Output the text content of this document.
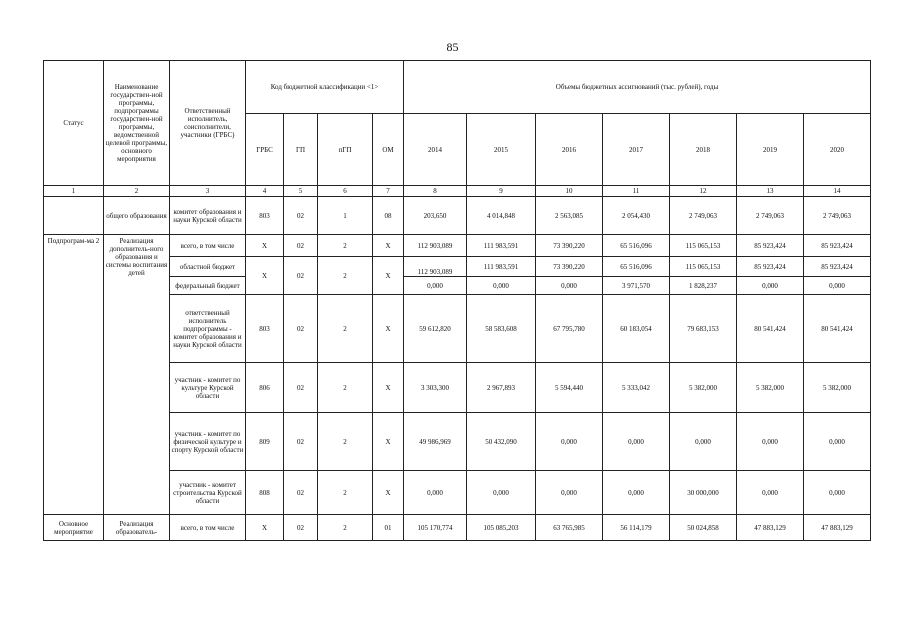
85
Статус	Наименование государствен-ной программы, подпрограммы государствен-ной программы, ведомственной целевой программы, основного мероприятия	Ответственный исполнитель, соисполнители, участники (ГРБС)	Код бюджетной классификации <1>				Объемы бюджетных ассигнований (тыс. рублей), годы						
			ГРБС	ГП	пГП	ОМ	2014	2015	2016	2017	2018	2019	2020
1	2	3	4	5	6	7	8	9	10	11	12	13	14
	общего образования	комитет образования и науки Курской области	803	02	1	08	203,650	4 014,848	2 563,085	2 054,430	2 749,063	2 749,063	2 749,063
Подпрограм-ма 2	Реализация дополнитель-ного образования и системы воспитания детей	всего, в том числе	Х	02	2	Х	112 903,089	111 983,591	73 390,220	65 516,096	115 065,153	85 923,424	85 923,424
		областной бюджет	Х	02	2	Х	112 903,089	111 983,591	73 390,220	65 516,096	115 065,153	85 923,424	85 923,424
		федеральный бюджет					0,000	0,000	0,000	3 971,570	1 828,237	0,000	0,000
		ответственный исполнитель подпрограммы - комитет образования и науки Курской области	803	02	2	Х	59 612,820	58 583,608	67 795,780	60 183,054	79 683,153	80 541,424	80 541,424
		участник - комитет по культуре Курской области	806	02	2	Х	3 303,300	2 967,893	5 594,440	5 333,042	5 382,000	5 382,000	5 382,000
		участник - комитет по физической культуре и спорту Курской области	809	02	2	Х	49 986,969	50 432,090	0,000	0,000	0,000	0,000	0,000
		участник - комитет строительства Курской области	808	02	2	Х	0,000	0,000	0,000	0,000	30 000,000	0,000	0,000
Основное мероприятие	Реализация образователь-	всего, в том числе	Х	02	2	01	105 170,774	105 085,203	63 765,985	56 114,179	50 024,858	47 883,129	47 883,129
